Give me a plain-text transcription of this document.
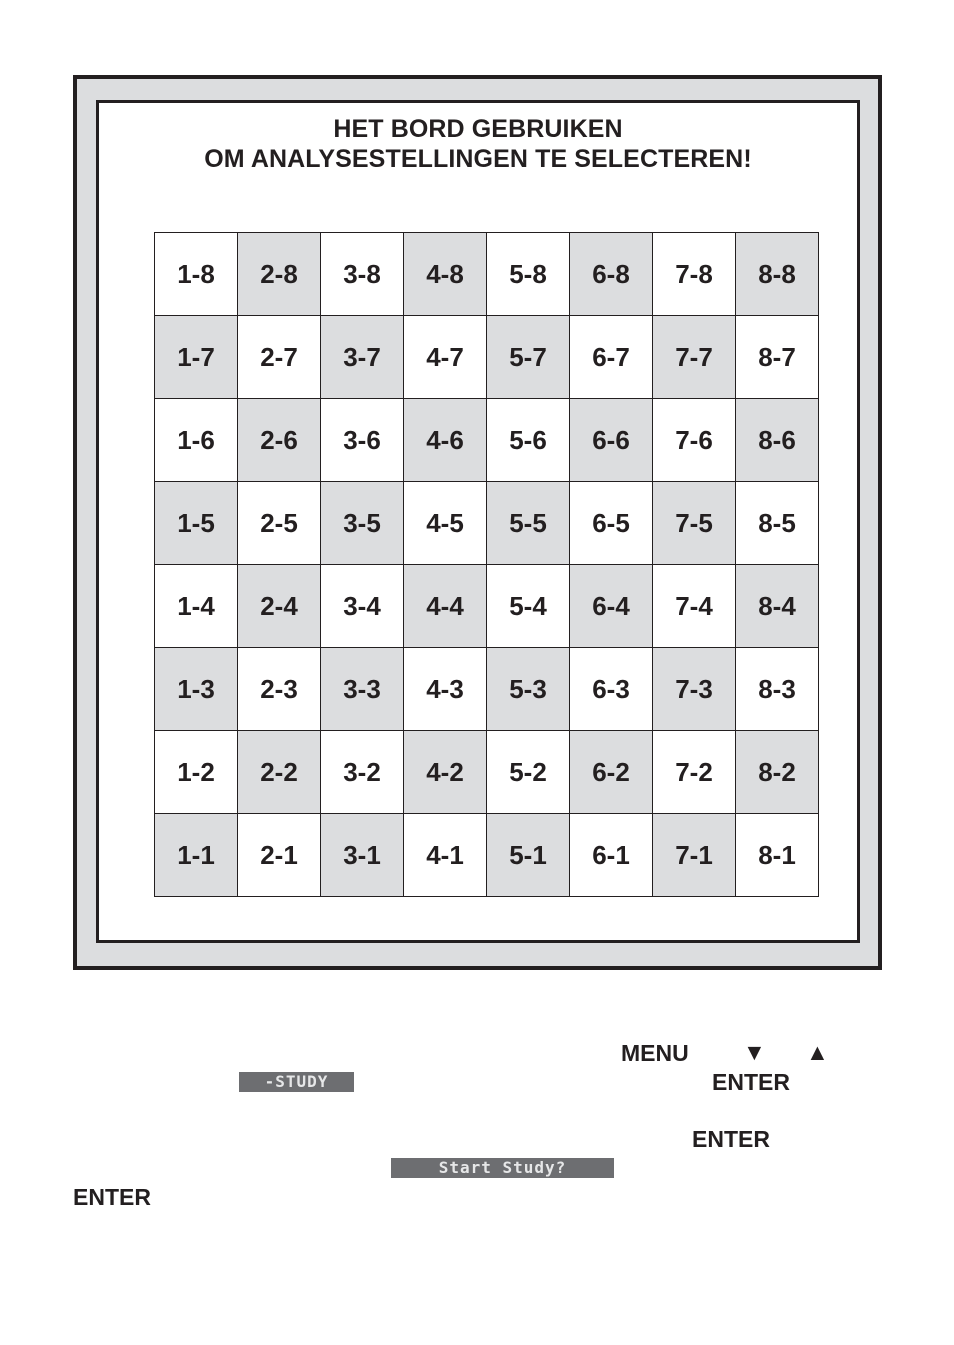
HET BORD GEBRUIKEN
OM ANALYSESTELLINGEN TE SELECTEREN!
1-8	2-8	3-8	4-8	5-8	6-8	7-8	8-8
1-7	2-7	3-7	4-7	5-7	6-7	7-7	8-7
1-6	2-6	3-6	4-6	5-6	6-6	7-6	8-6
1-5	2-5	3-5	4-5	5-5	6-5	7-5	8-5
1-4	2-4	3-4	4-4	5-4	6-4	7-4	8-4
1-3	2-3	3-3	4-3	5-3	6-3	7-3	8-3
1-2	2-2	3-2	4-2	5-2	6-2	7-2	8-2
1-1	2-1	3-1	4-1	5-1	6-1	7-1	8-1
MENU ▼ ▲
-STUDY	ENTER
ENTER
Start Study?
ENTER
